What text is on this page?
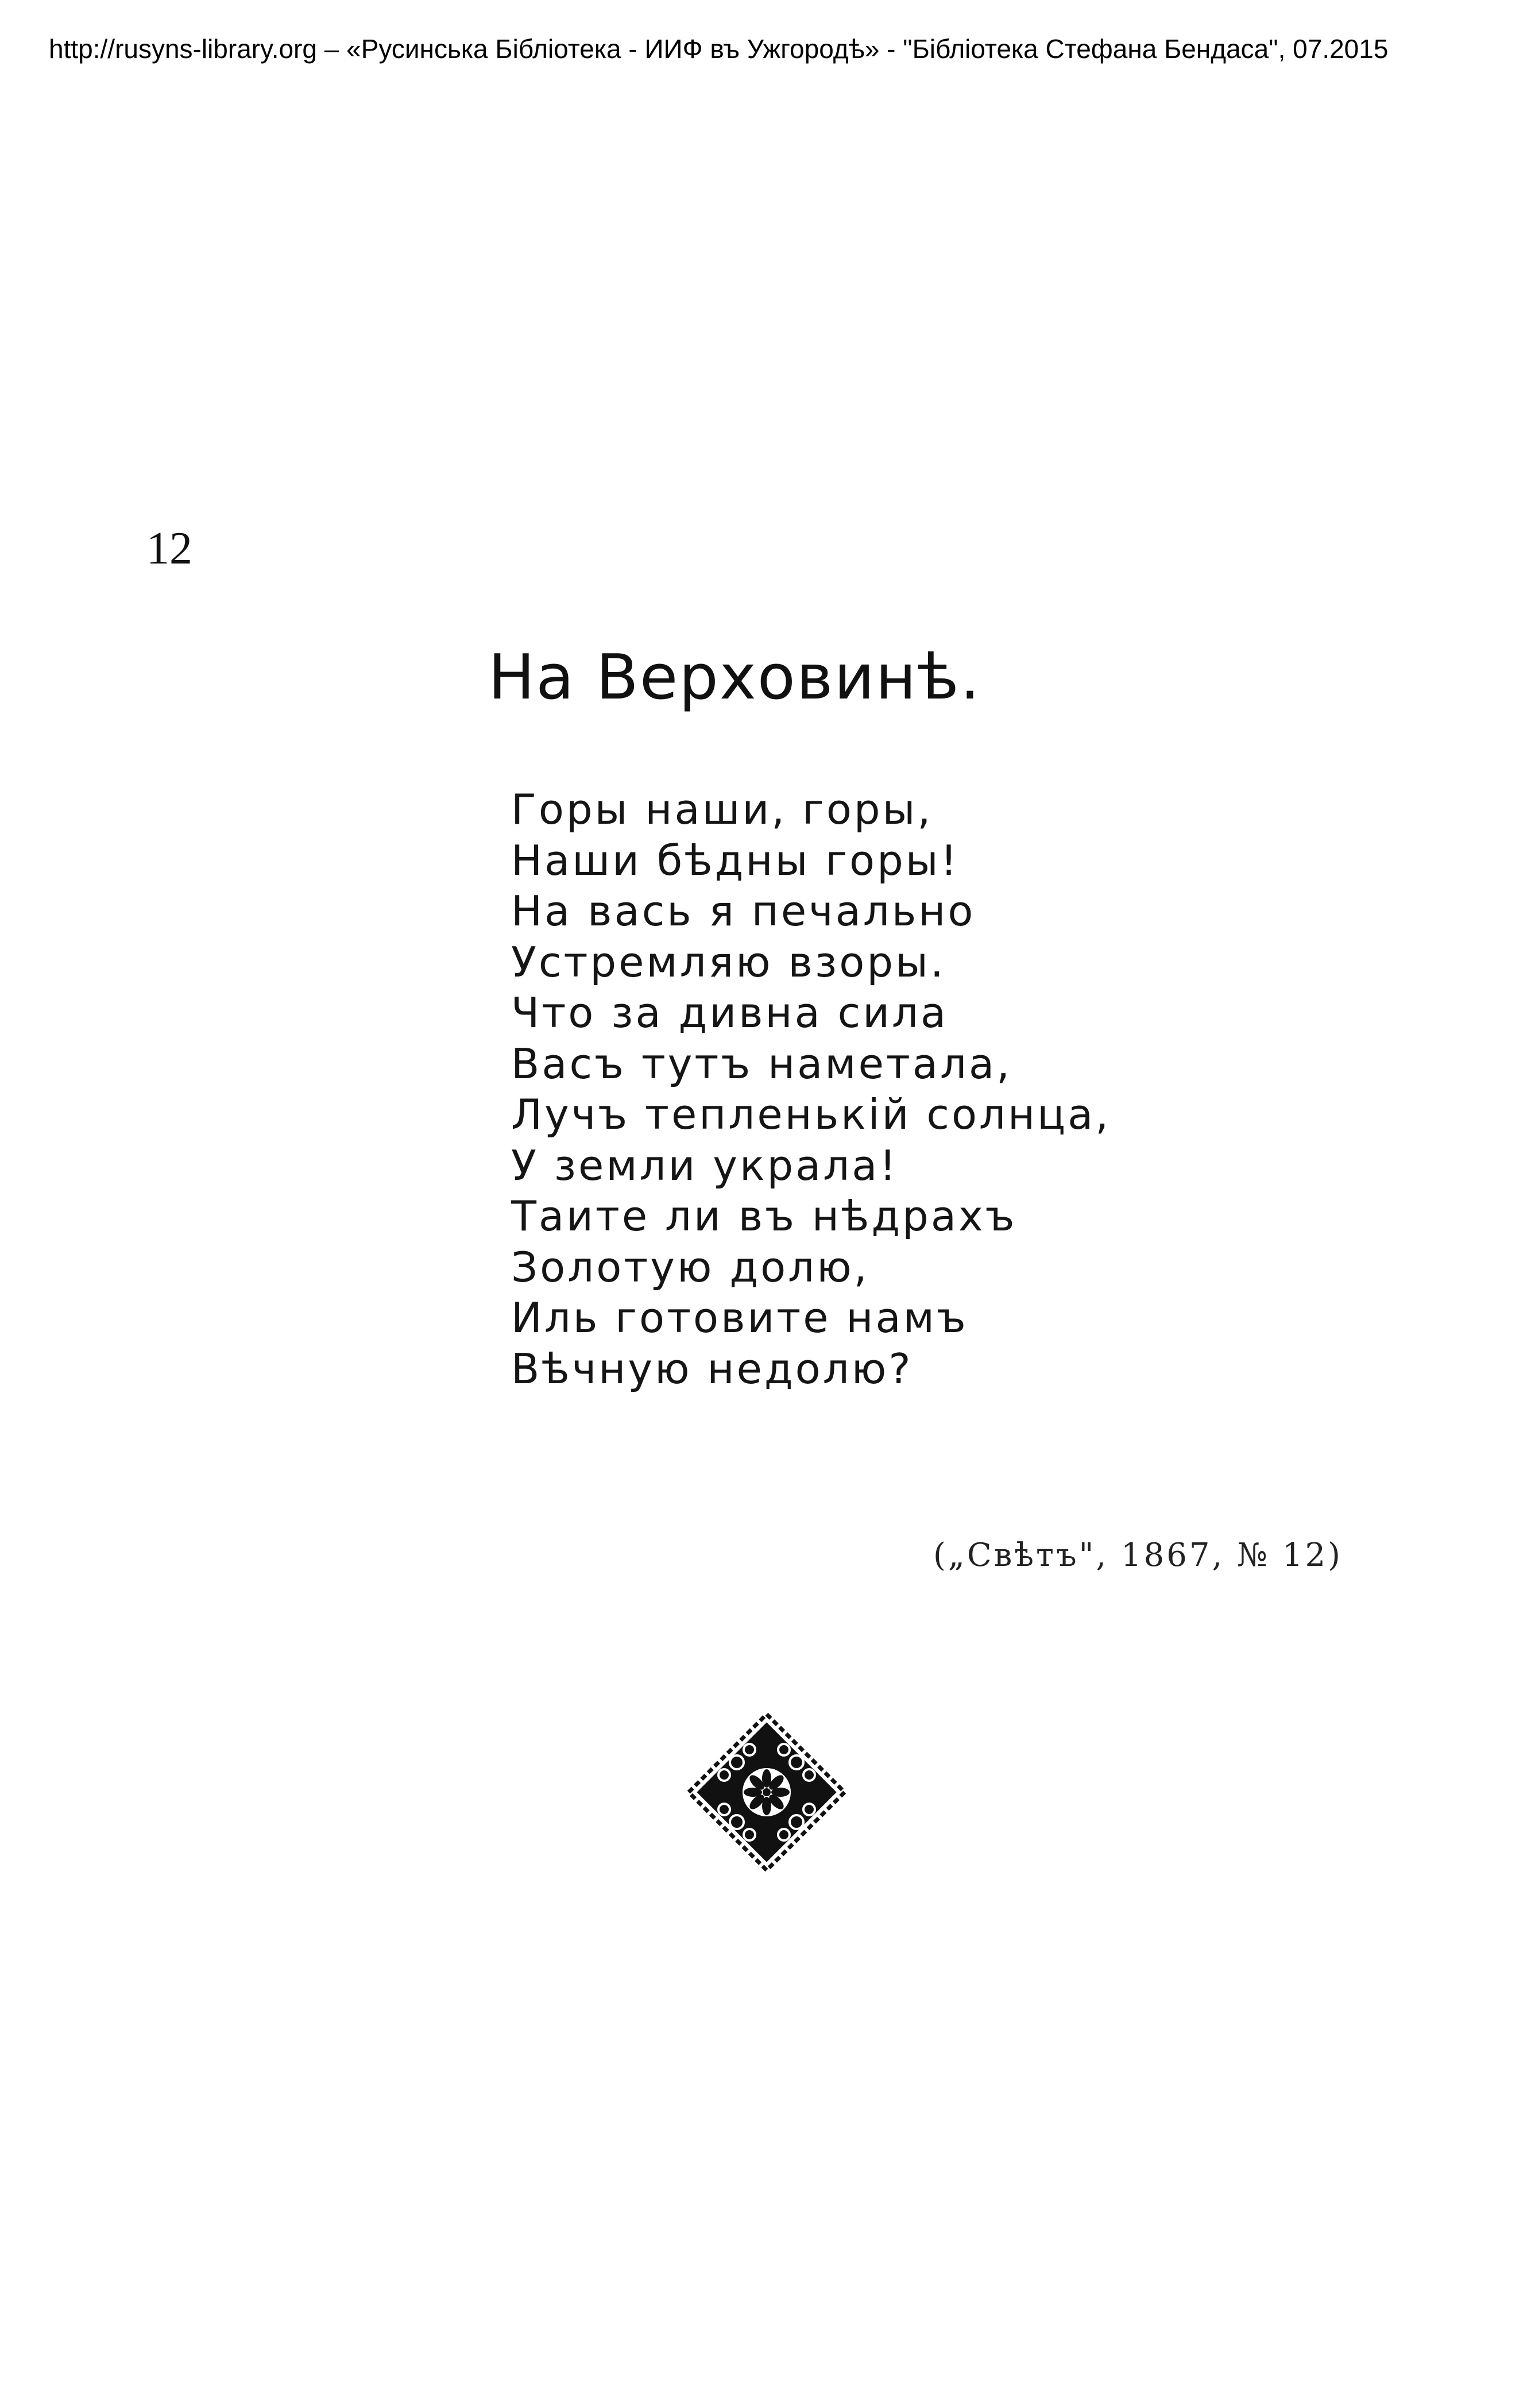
http://rusyns-library.org – «Русинська Бібліотека - ИИФ въ Ужгородѣ» - "Бібліотека Стефана Бендаса", 07.2015
12
На Верховинѣ.
Горы наши, горы,
Наши бѣдны горы!
На вась я печально
Устремляю взоры.
Что за дивна сила
Васъ тутъ наметала,
Лучъ тепленькій солнца,
У земли украла!
Таите ли въ нѣдрахъ
Золотую долю,
Иль готовите намъ
Вѣчную недолю?
(„Свѣтъ", 1867, № 12)
